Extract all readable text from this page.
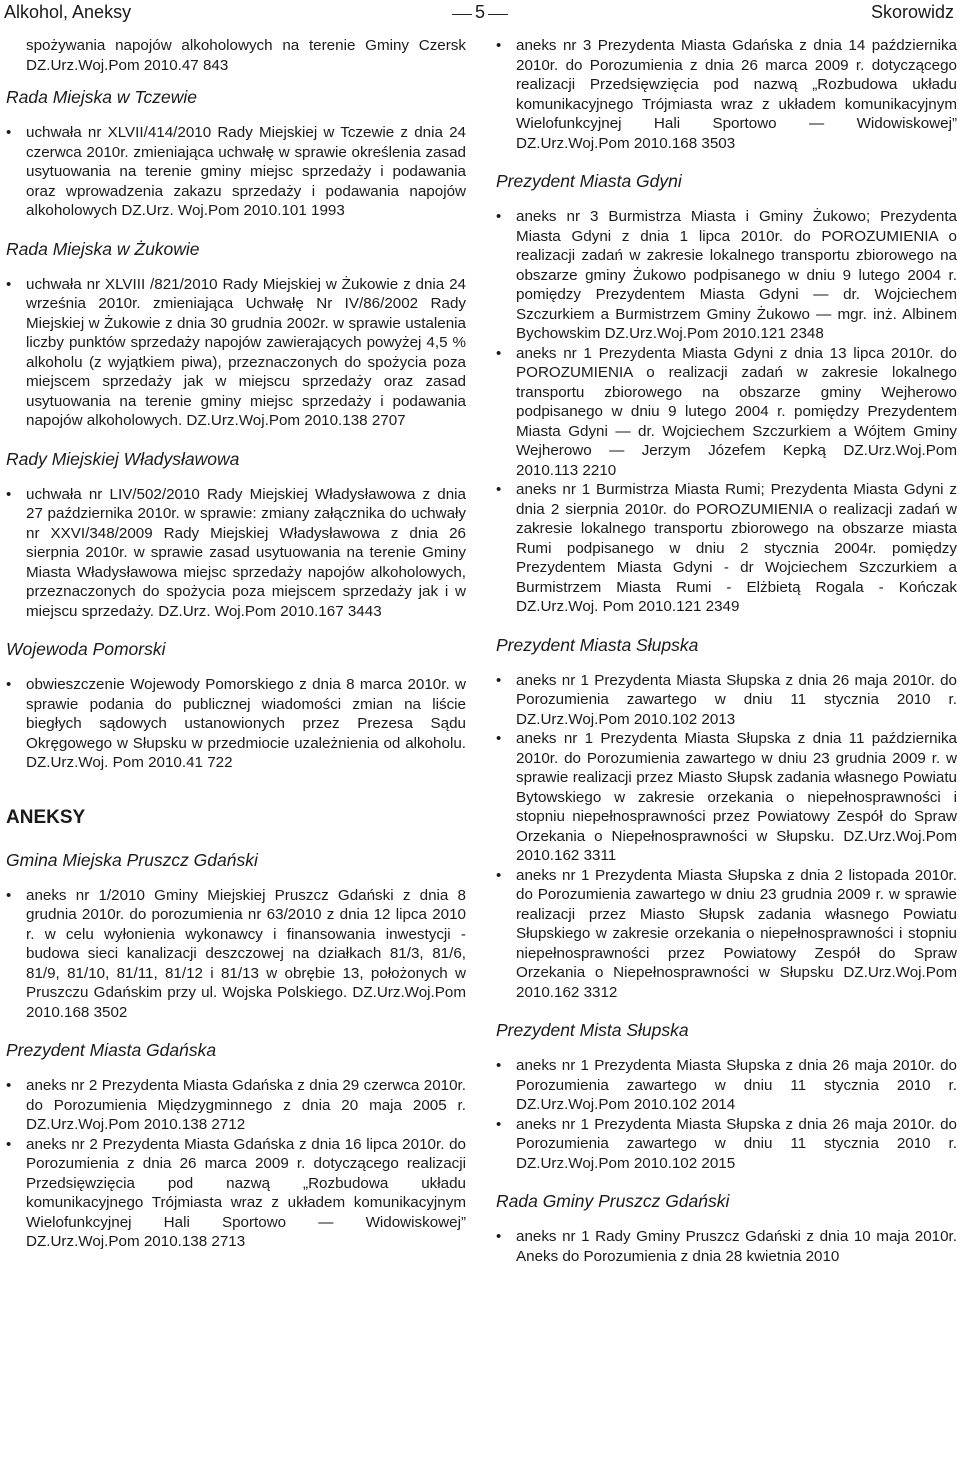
Alkohol, Aneksy	5	Skorowidz

spożywania napojów alkoholowych na terenie Gminy Czersk DZ.Urz.Woj.Pom 2010.47 843

Rada Miejska w Tczewie
• uchwała nr XLVII/414/2010 Rady Miejskiej w Tczewie z dnia 24 czerwca 2010r. zmieniająca uchwałę w sprawie określenia zasad usytuowania na terenie gminy miejsc sprzedaży i podawania oraz wprowadzenia zakazu sprzedaży i podawania napojów alkoholowych DZ.Urz. Woj.Pom 2010.101 1993
Rada Miejska w Żukowie
• uchwała nr XLVIII /821/2010 Rady Miejskiej w Żukowie z dnia 24 września 2010r. zmieniająca Uchwałę Nr IV/86/2002 Rady Miejskiej w Żukowie z dnia 30 grudnia 2002r. w sprawie ustalenia liczby punktów sprzedaży napojów zawierających powyżej 4,5 % alkoholu (z wyjątkiem piwa), przeznaczonych do spożycia poza miejscem sprzedaży jak w miejscu sprzedaży oraz zasad usytuowania na terenie gminy miejsc sprzedaży i podawania napojów alkoholowych. DZ.Urz.Woj.Pom 2010.138 2707
Rady Miejskiej Władysławowa
• uchwała nr LIV/502/2010 Rady Miejskiej Władysławowa z dnia 27 października 2010r. w sprawie: zmiany załącznika do uchwały nr XXVI/348/2009 Rady Miejskiej Władysławowa z dnia 26 sierpnia 2010r. w sprawie zasad usytuowania na terenie Gminy Miasta Władysławowa miejsc sprzedaży napojów alkoholowych, przeznaczonych do spożycia poza miejscem sprzedaży jak i w miejscu sprzedaży. DZ.Urz. Woj.Pom 2010.167 3443
Wojewoda Pomorski
• obwieszczenie Wojewody Pomorskiego z dnia 8 marca 2010r. w sprawie podania do publicznej wiadomości zmian na liście biegłych sądowych ustanowionych przez Prezesa Sądu Okręgowego w Słupsku w przedmiocie uzależnienia od alkoholu. DZ.Urz.Woj. Pom 2010.41 722
ANEKSY
Gmina Miejska Pruszcz Gdański
• aneks nr 1/2010 Gminy Miejskiej Pruszcz Gdański z dnia 8 grudnia 2010r. do porozumienia nr 63/2010 z dnia 12 lipca 2010 r. w celu wyłonienia wykonawcy i finansowania inwestycji - budowa sieci kanalizacji deszczowej na działkach 81/3, 81/6, 81/9, 81/10, 81/11, 81/12 i 81/13 w obrębie 13, położonych w Pruszczu Gdańskim przy ul. Wojska Polskiego. DZ.Urz.Woj.Pom 2010.168 3502
Prezydent Miasta Gdańska
• aneks nr 2 Prezydenta Miasta Gdańska z dnia 29 czerwca 2010r. do Porozumienia Międzygminnego z dnia 20 maja 2005 r. DZ.Urz.Woj.Pom 2010.138 2712
• aneks nr 2 Prezydenta Miasta Gdańska z dnia 16 lipca 2010r. do Porozumienia z dnia 26 marca 2009 r. dotyczącego realizacji Przedsięwzięcia pod nazwą „Rozbudowa układu komunikacyjnego Trójmiasta wraz z układem komunikacyjnym Wielofunkcyjnej Hali Sportowo — Widowiskowej” DZ.Urz.Woj.Pom 2010.138 2713
• aneks nr 3 Prezydenta Miasta Gdańska z dnia 14 października 2010r. do Porozumienia z dnia 26 marca 2009 r. dotyczącego realizacji Przedsięwzięcia pod nazwą „Rozbudowa układu komunikacyjnego Trójmiasta wraz z układem komunikacyjnym Wielofunkcyjnej Hali Sportowo — Widowiskowej” DZ.Urz.Woj.Pom 2010.168 3503
Prezydent Miasta Gdyni
• aneks nr 3 Burmistrza Miasta i Gminy Żukowo; Prezydenta Miasta Gdyni z dnia 1 lipca 2010r. do POROZUMIENIA o realizacji zadań w zakresie lokalnego transportu zbiorowego na obszarze gminy Żukowo podpisanego w dniu 9 lutego 2004 r. pomiędzy Prezydentem Miasta Gdyni — dr. Wojciechem Szczurkiem a Burmistrzem Gminy Żukowo — mgr. inż. Albinem Bychowskim DZ.Urz.Woj.Pom 2010.121 2348
• aneks nr 1 Prezydenta Miasta Gdyni z dnia 13 lipca 2010r. do POROZUMIENIA o realizacji zadań w zakresie lokalnego transportu zbiorowego na obszarze gminy Wejherowo podpisanego w dniu 9 lutego 2004 r. pomiędzy Prezydentem Miasta Gdyni — dr. Wojciechem Szczurkiem a Wójtem Gminy Wejherowo — Jerzym Józefem Kepką DZ.Urz.Woj.Pom 2010.113 2210
• aneks nr 1 Burmistrza Miasta Rumi; Prezydenta Miasta Gdyni z dnia 2 sierpnia 2010r. do POROZUMIENIA o realizacji zadań w zakresie lokalnego transportu zbiorowego na obszarze miasta Rumi podpisanego w dniu 2 stycznia 2004r. pomiędzy Prezydentem Miasta Gdyni - dr Wojciechem Szczurkiem a Burmistrzem Miasta Rumi - Elżbietą Rogala - Kończak DZ.Urz.Woj. Pom 2010.121 2349
Prezydent Miasta Słupska
• aneks nr 1 Prezydenta Miasta Słupska z dnia 26 maja 2010r. do Porozumienia zawartego w dniu 11 stycznia 2010 r. DZ.Urz.Woj.Pom 2010.102 2013
• aneks nr 1 Prezydenta Miasta Słupska z dnia 11 października 2010r. do Porozumienia zawartego w dniu 23 grudnia 2009 r. w sprawie realizacji przez Miasto Słupsk zadania własnego Powiatu Bytowskiego w zakresie orzekania o niepełnosprawności i stopniu niepełnosprawności przez Powiatowy Zespół do Spraw Orzekania o Niepełnosprawności w Słupsku. DZ.Urz.Woj.Pom 2010.162 3311
• aneks nr 1 Prezydenta Miasta Słupska z dnia 2 listopada 2010r. do Porozumienia zawartego w dniu 23 grudnia 2009 r. w sprawie realizacji przez Miasto Słupsk zadania własnego Powiatu Słupskiego w zakresie orzekania o niepełnosprawności i stopniu niepełnosprawności przez Powiatowy Zespół do Spraw Orzekania o Niepełnosprawności w Słupsku DZ.Urz.Woj.Pom 2010.162 3312
Prezydent Mista Słupska
• aneks nr 1 Prezydenta Miasta Słupska z dnia 26 maja 2010r. do Porozumienia zawartego w dniu 11 stycznia 2010 r. DZ.Urz.Woj.Pom 2010.102 2014
• aneks nr 1 Prezydenta Miasta Słupska z dnia 26 maja 2010r. do Porozumienia zawartego w dniu 11 stycznia 2010 r. DZ.Urz.Woj.Pom 2010.102 2015
Rada Gminy Pruszcz Gdański
• aneks nr 1 Rady Gminy Pruszcz Gdański z dnia 10 maja 2010r. Aneks do Porozumienia z dnia 28 kwietnia 2010
